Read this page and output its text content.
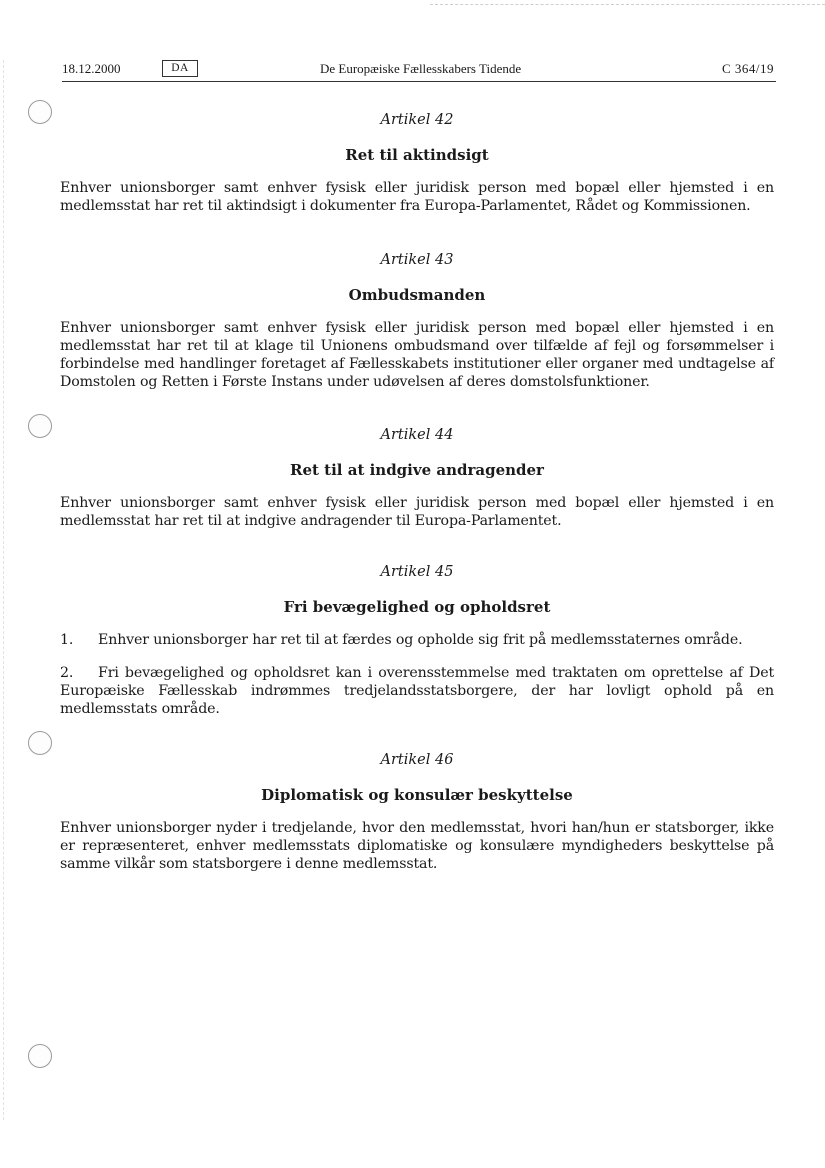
18.12.2000	DA	De Europæiske Fællesskabers Tidende	C 364/19

Artikel 42

Ret til aktindsigt

Enhver unionsborger samt enhver fysisk eller juridisk person med bopæl eller hjemsted i en medlemsstat har ret til aktindsigt i dokumenter fra Europa-Parlamentet, Rådet og Kommissionen.

Artikel 43

Ombudsmanden

Enhver unionsborger samt enhver fysisk eller juridisk person med bopæl eller hjemsted i en medlemsstat har ret til at klage til Unionens ombudsmand over tilfælde af fejl og forsømmelser i forbindelse med handlinger foretaget af Fællesskabets institutioner eller organer med undtagelse af Domstolen og Retten i Første Instans under udøvelsen af deres domstolsfunktioner.

Artikel 44

Ret til at indgive andragender

Enhver unionsborger samt enhver fysisk eller juridisk person med bopæl eller hjemsted i en medlemsstat har ret til at indgive andragender til Europa-Parlamentet.

Artikel 45

Fri bevægelighed og opholdsret

1.	Enhver unionsborger har ret til at færdes og opholde sig frit på medlemsstaternes område.

2. Fri bevægelighed og opholdsret kan i overensstemmelse med traktaten om oprettelse af Det Europæiske Fællesskab indrømmes tredjelandsstatsborgere, der har lovligt ophold på en medlemsstats område.

Artikel 46

Diplomatisk og konsulær beskyttelse

Enhver unionsborger nyder i tredjelande, hvor den medlemsstat, hvori han/hun er statsborger, ikke er repræsenteret, enhver medlemsstats diplomatiske og konsulære myndigheders beskyttelse på samme vilkår som statsborgere i denne medlemsstat.
